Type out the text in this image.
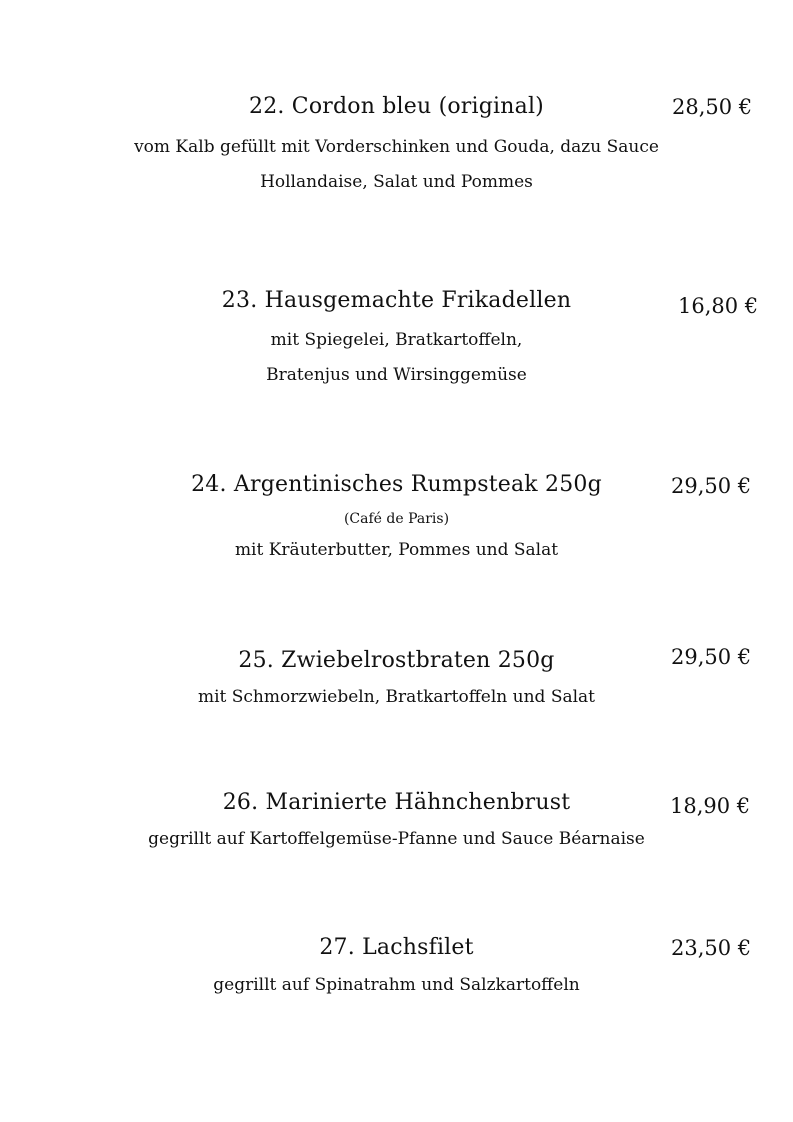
22. Cordon bleu (original)	28,50 €
vom Kalb gefüllt mit Vorderschinken und Gouda, dazu Sauce
Hollandaise, Salat und Pommes
23. Hausgemachte Frikadellen	16,80 €
mit Spiegelei, Bratkartoffeln,
Bratenjus und Wirsinggemüse
24. Argentinisches Rumpsteak 250g	29,50 €
(Café de Paris)
mit Kräuterbutter, Pommes und Salat
25. Zwiebelrostbraten 250g	29,50 €
mit Schmorzwiebeln, Bratkartoffeln und Salat
26. Marinierte Hähnchenbrust	18,90 €
gegrillt auf Kartoffelgemüse-Pfanne und Sauce Béarnaise
27. Lachsfilet	23,50 €
gegrillt auf Spinatrahm und Salzkartoffeln
